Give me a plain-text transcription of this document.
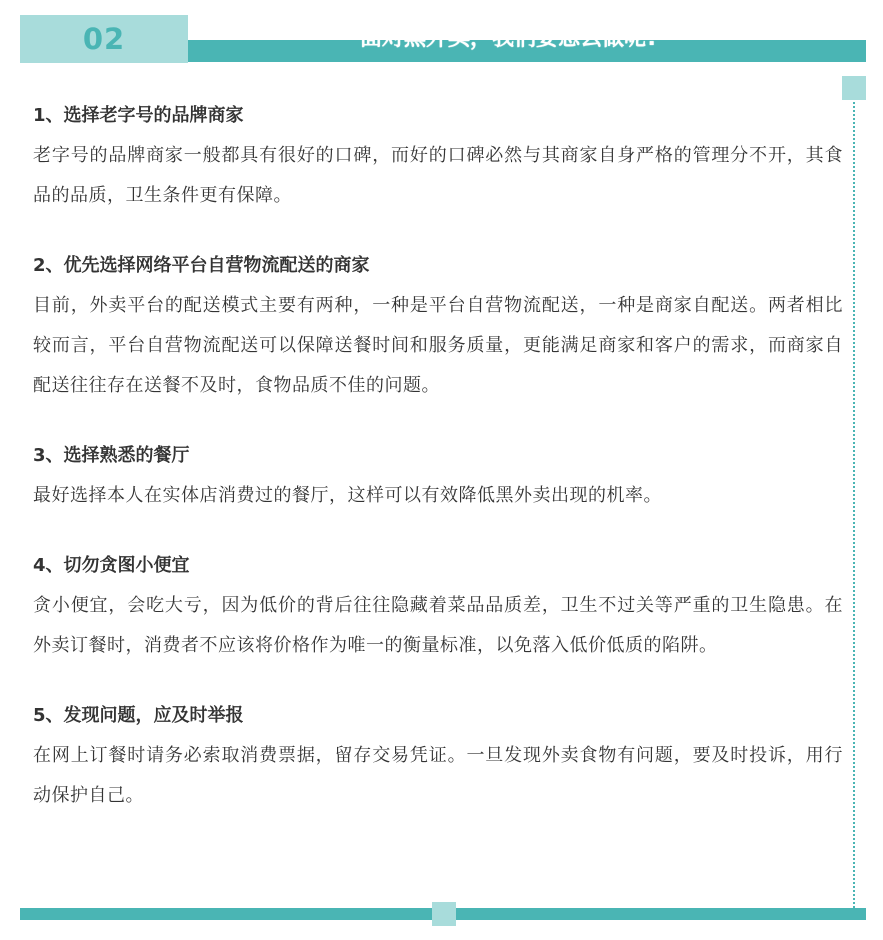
02	面对黑外卖，我们要怎么做呢?

1、选择老字号的品牌商家

老字号的品牌商家一般都具有很好的口碑，而好的口碑必然与其商家自身严格的管理分不开，其食品的品质，卫生条件更有保障。

2、优先选择网络平台自营物流配送的商家

目前，外卖平台的配送模式主要有两种，一种是平台自营物流配送，一种是商家自配送。两者相比较而言，平台自营物流配送可以保障送餐时间和服务质量，更能满足商家和客户的需求，而商家自配送往往存在送餐不及时，食物品质不佳的问题。

3、选择熟悉的餐厅

最好选择本人在实体店消费过的餐厅，这样可以有效降低黑外卖出现的机率。

4、切勿贪图小便宜

贪小便宜，会吃大亏，因为低价的背后往往隐藏着菜品品质差，卫生不过关等严重的卫生隐患。在外卖订餐时，消费者不应该将价格作为唯一的衡量标准，以免落入低价低质的陷阱。

5、发现问题，应及时举报

在网上订餐时请务必索取消费票据，留存交易凭证。一旦发现外卖食物有问题，要及时投诉，用行动保护自己。
